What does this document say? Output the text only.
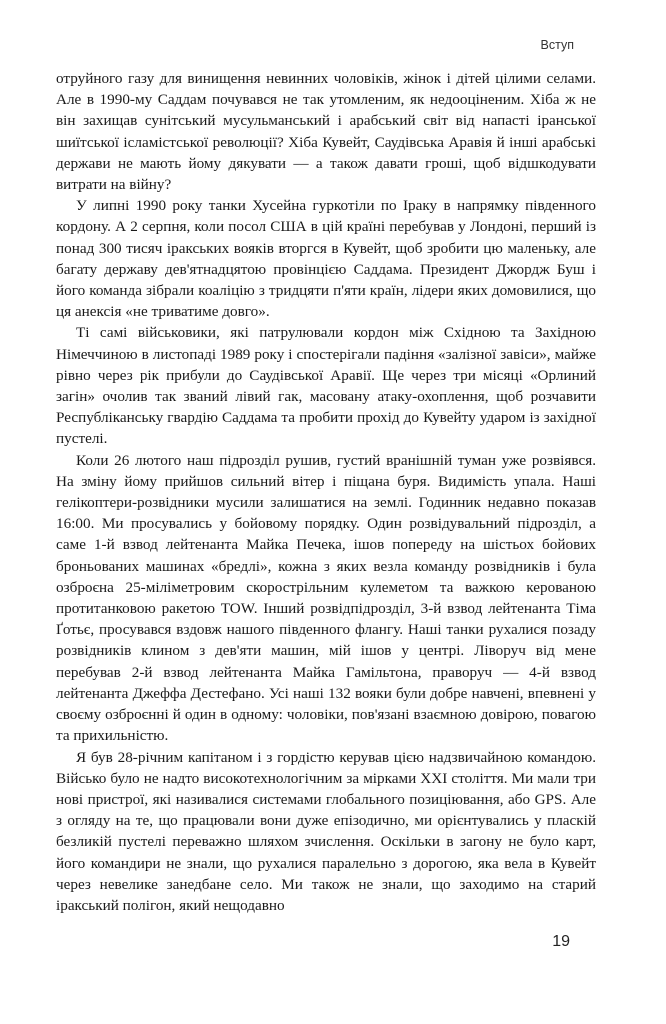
Вступ

отруйного газу для винищення невинних чоловіків, жінок і дітей цілими селами. Але в 1990-му Саддам почувався не так утомленим, як недооціненим. Хіба ж не він захищав сунітський мусульманський і арабський світ від напасті іранської шиїтської ісламістської революції? Хіба Кувейт, Саудівська Аравія й інші арабські держави не мають йому дякувати — а також давати гроші, щоб відшкодувати витрати на війну?

У липні 1990 року танки Хусейна гуркотіли по Іраку в напрямку південного кордону. А 2 серпня, коли посол США в цій країні перебував у Лондоні, перший із понад 300 тисяч іракських вояків вторгся в Кувейт, щоб зробити цю маленьку, але багату державу дев'ятнадцятою провінцією Саддама. Президент Джордж Буш і його команда зібрали коаліцію з тридцяти п'яти країн, лідери яких домовилися, що ця анексія «не триватиме довго».

Ті самі військовики, які патрулювали кордон між Східною та Західною Німеччиною в листопаді 1989 року і спостерігали падіння «залізної завіси», майже рівно через рік прибули до Саудівської Аравії. Ще через три місяці «Орлиний загін» очолив так званий лівий гак, масовану атаку-охоплення, щоб розчавити Республіканську гвардію Саддама та пробити прохід до Кувейту ударом із західної пустелі.

Коли 26 лютого наш підрозділ рушив, густий вранішній туман уже розвіявся. На зміну йому прийшов сильний вітер і піщана буря. Видимість упала. Наші гелікоптери-розвідники мусили залишатися на землі. Годинник недавно показав 16:00. Ми просувались у бойовому порядку. Один розвідувальний підрозділ, а саме 1-й взвод лейтенанта Майка Печека, ішов попереду на шістьох бойових броньованих машинах «бредлі», кожна з яких везла команду розвідників і була озброєна 25-міліметровим скорострільним кулеметом та важкою керованою протитанковою ракетою TOW. Інший розвідпідрозділ, 3-й взвод лейтенанта Тіма Ґотьє, просувався вздовж нашого південного флангу. Наші танки рухалися позаду розвідників клином з дев'яти машин, мій ішов у центрі. Ліворуч від мене перебував 2-й взвод лейтенанта Майка Гамільтона, праворуч — 4-й взвод лейтенанта Джеффа Дестефано. Усі наші 132 вояки були добре навчені, впевнені у своєму озброєнні й один в одному: чоловіки, пов'язані взаємною довірою, повагою та прихильністю.

Я був 28-річним капітаном і з гордістю керував цією надзвичайною командою. Військо було не надто високотехнологічним за мірками XXI століття. Ми мали три нові пристрої, які називалися системами глобального позиціювання, або GPS. Але з огляду на те, що працювали вони дуже епізодично, ми орієнтувались у пласкій безликій пустелі переважно шляхом зчислення. Оскільки в загону не було карт, його командири не знали, що рухалися паралельно з дорогою, яка вела в Кувейт через невелике занедбане село. Ми також не знали, що заходимо на старий іракський полігон, який нещодавно

19
